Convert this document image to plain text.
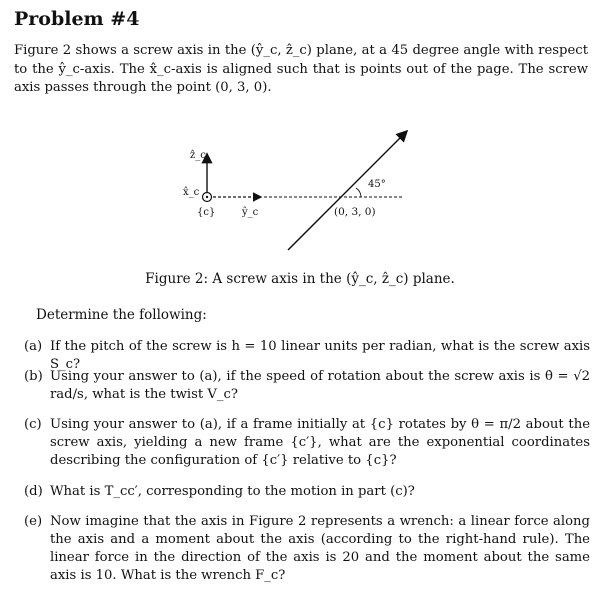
Problem #4

Figure 2 shows a screw axis in the (ŷ_c, ẑ_c) plane, at a 45 degree angle with respect to the ŷ_c-axis. The x̂_c-axis is aligned such that is points out of the page. The screw axis passes through the point (0, 3, 0).

ẑ_c
x̂_c
{c}	ŷ_c
45°
(0, 3, 0)
Figure 2: A screw axis in the (ŷ_c, ẑ_c) plane.
Determine the following:
(a) If the pitch of the screw is h = 10 linear units per radian, what is the screw axis S_c?
(b) Using your answer to (a), if the speed of rotation about the screw axis is θ̇ = √2 rad/s, what is the twist V_c?
(c) Using your answer to (a), if a frame initially at {c} rotates by θ = π/2 about the screw axis, yielding a new frame {c′}, what are the exponential coordinates describing the configuration of {c′} relative to {c}?
(d) What is T_cc′, corresponding to the motion in part (c)?
(e) Now imagine that the axis in Figure 2 represents a wrench: a linear force along the axis and a moment about the axis (according to the right-hand rule). The linear force in the direction of the axis is 20 and the moment about the same axis is 10. What is the wrench F_c?
